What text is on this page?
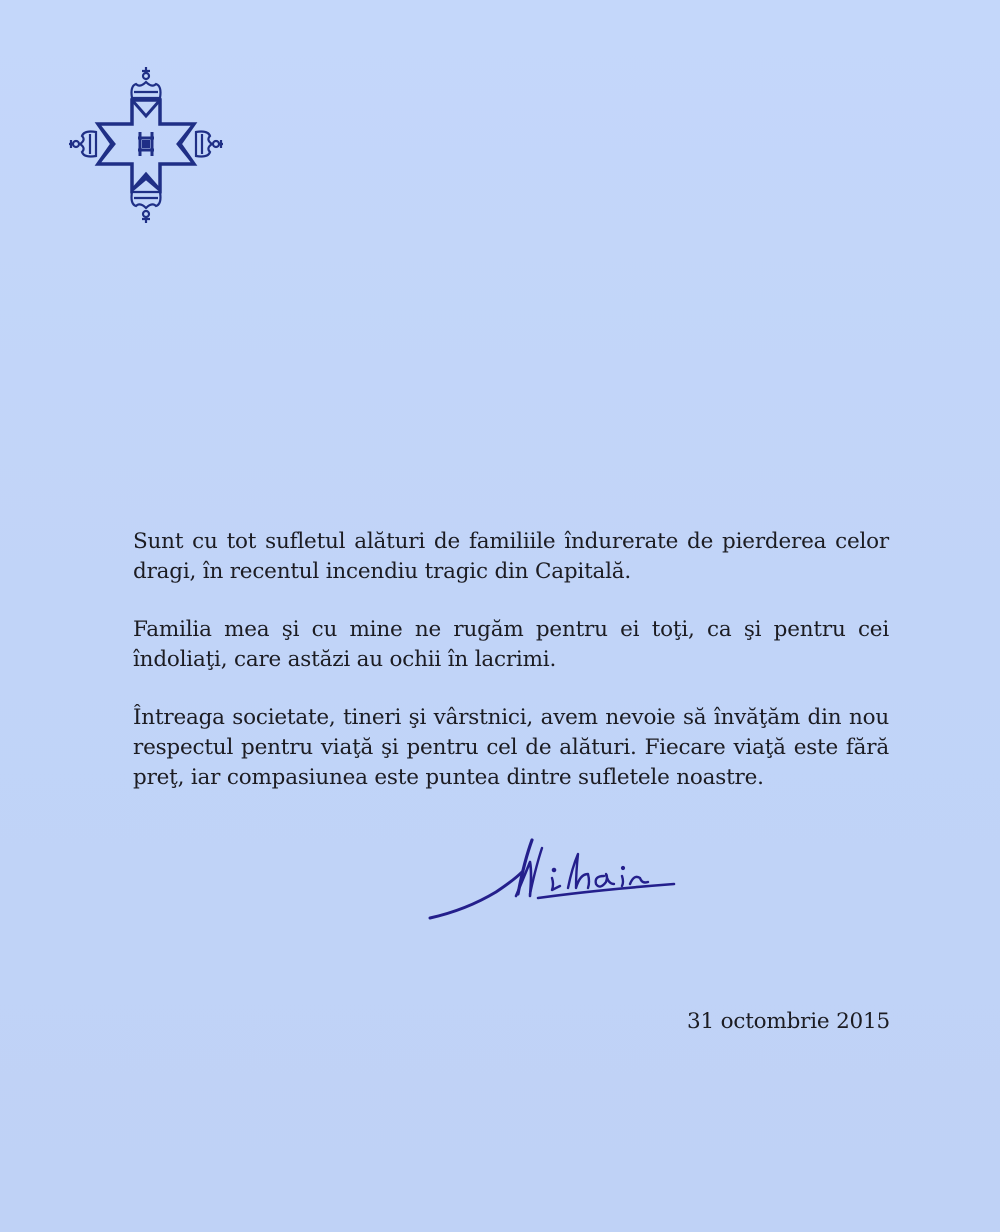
Sunt cu tot sufletul alături de familiile îndurerate de pierderea celor dragi, în recentul incendiu tragic din Capitală.

Familia mea şi cu mine ne rugăm pentru ei toţi, ca şi pentru cei îndoliaţi, care astăzi au ochii în lacrimi.

Întreaga societate, tineri şi vârstnici, avem nevoie să învăţăm din nou respectul pentru viaţă şi pentru cel de alături. Fiecare viaţă este fără preţ, iar compasiunea este puntea dintre sufletele noastre.

31 octombrie 2015
